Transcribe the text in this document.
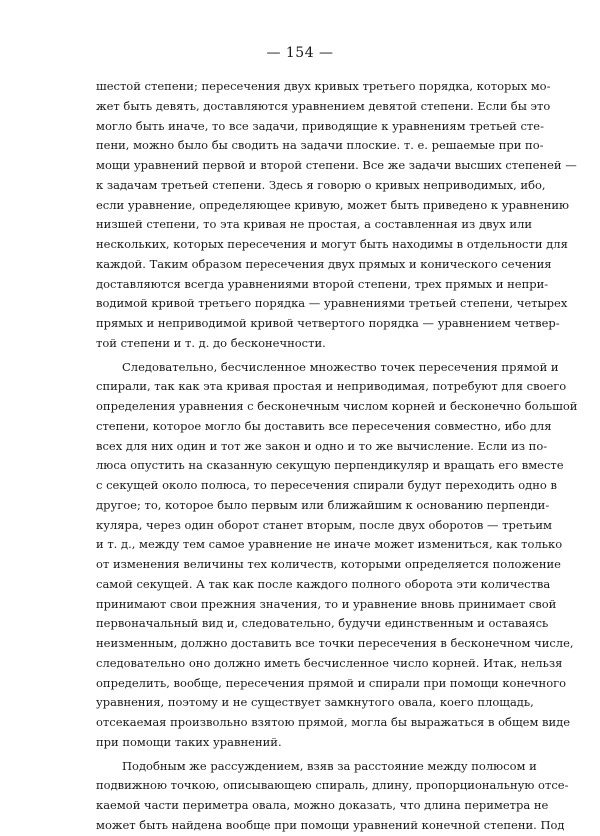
— 154 —
шестой степени; пересечения двух кривых третьего порядка, которых мо-
жет быть девять, доставляются уравнением девятой степени. Если бы это
могло быть иначе, то все задачи, приводящие к уравнениям третьей сте-
пени, можно было бы сводить на задачи плоские. т. е. решаемые при по-
мощи уравнений первой и второй степени. Все же задачи высших степеней —
к задачам третьей степени. Здесь я говорю о кривых неприводимых, ибо,
если уравнение, определяющее кривую, может быть приведено к уравнению
низшей степени, то эта кривая не простая, а составленная из двух или
нескольких, которых пересечения и могут быть находимы в отдельности для
каждой. Таким образом пересечения двух прямых и конического сечения
доставляются всегда уравнениями второй степени, трех прямых и непри-
водимой кривой третьего порядка — уравнениями третьей степени, четырех
прямых и неприводимой кривой четвертого порядка — уравнением четвер-
той степени и т. д. до бесконечности.
Следовательно, бесчисленное множество точек пересечения прямой и
спирали, так как эта кривая простая и неприводимая, потребуют для своего
определения уравнения с бесконечным числом корней и бесконечно большой
степени, которое могло бы доставить все пересечения совместно, ибо для
всех для них один и тот же закон и одно и то же вычисление. Если из по-
люса опустить на сказанную секущую перпендикуляр и вращать его вместе
с секущей около полюса, то пересечения спирали будут переходить одно в
другое; то, которое было первым или ближайшим к основанию перпенди-
куляра, через один оборот станет вторым, после двух оборотов — третьим
и т. д., между тем самое уравнение не иначе может измениться, как только
от изменения величины тех количеств, которыми определяется положение
самой секущей. А так как после каждого полного оборота эти количества
принимают свои прежния значения, то и уравнение вновь принимает свой
первоначальный вид и, следовательно, будучи единственным и оставаясь
неизменным, должно доставить все точки пересечения в бесконечном числе,
следовательно оно должно иметь бесчисленное число корней. Итак, нельзя
определить, вообще, пересечения прямой и спирали при помощи конечного
уравнения, поэтому и не существует замкнутого овала, коего площадь,
отсекаемая произвольно взятою прямой, могла бы выражаться в общем виде
при помощи таких уравнений.
Подобным же рассуждением, взяв за расстояние между полюсом и
подвижною точкою, описывающею спираль, длину, пропорциональную отсе-
каемой части периметра овала, можно доказать, что длина периметра не
может быть найдена вообще при помощи уравнений конечной степени. Под
